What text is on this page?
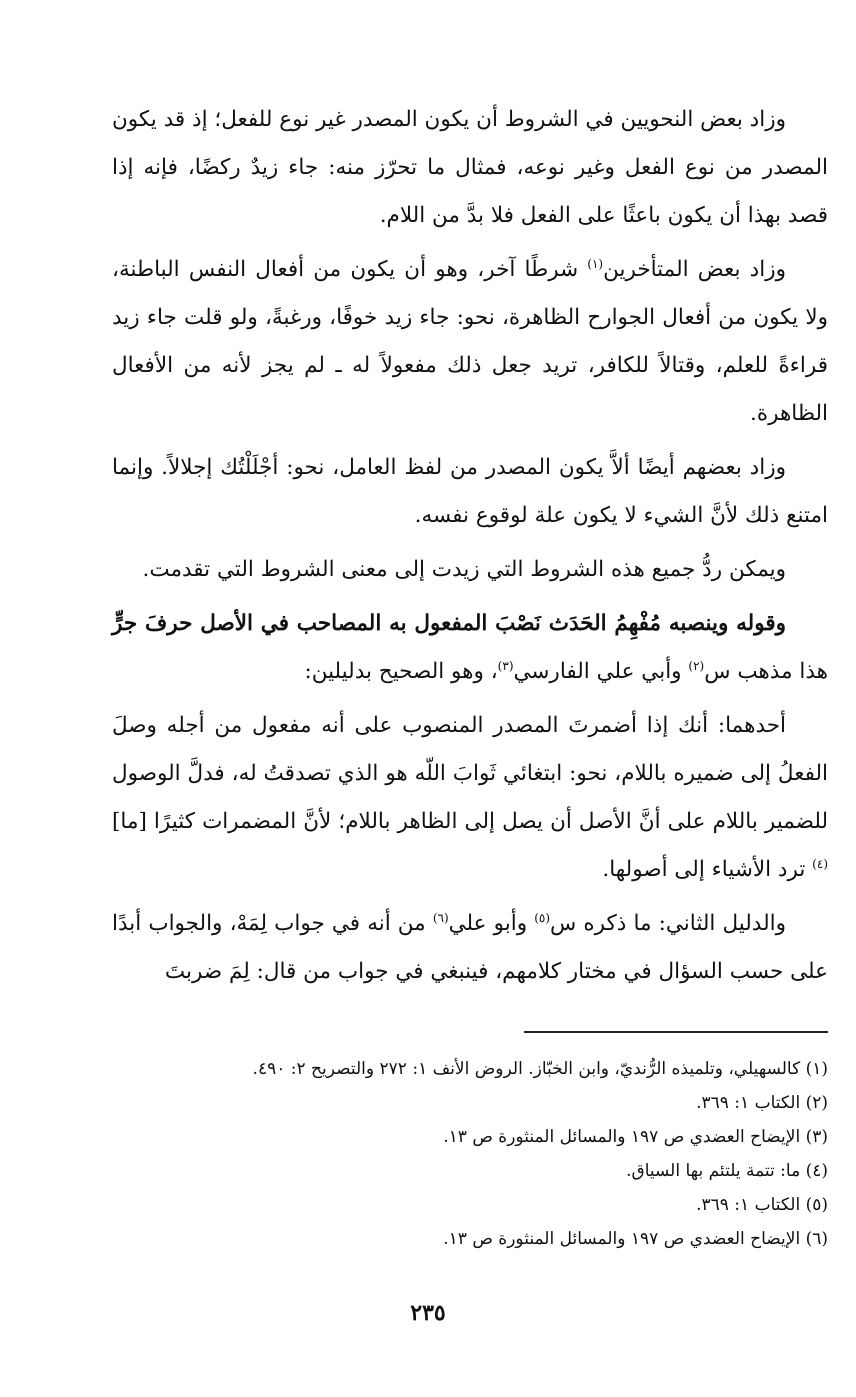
وزاد بعض النحويين في الشروط أن يكون المصدر غير نوع للفعل؛ إذ قد يكون المصدر من نوع الفعل وغير نوعه، فمثال ما تحرّز منه: جاء زيدٌ ركضًا، فإنه إذا قصد بهذا أن يكون باعثًا على الفعل فلا بدَّ من اللام.

وزاد بعض المتأخرين$^{(١)}$ شرطًا آخر، وهو أن يكون من أفعال النفس الباطنة، ولا يكون من أفعال الجوارح الظاهرة، نحو: جاء زيد خوفًا، ورغبةً، ولو قلت جاء زيد قراءةً للعلم، وقتالاً للكافر، تريد جعل ذلك مفعولاً له ـ لم يجز لأنه من الأفعال الظاهرة.

وزاد بعضهم أيضًا ألاَّ يكون المصدر من لفظ العامل، نحو: أجْلَلْتُك إجلالاً. وإنما امتنع ذلك لأنَّ الشيء لا يكون علة لوقوع نفسه.

ويمكن ردُّ جميع هذه الشروط التي زيدت إلى معنى الشروط التي تقدمت.

وقوله وينصبه مُفْهِمُ الحَدَث نَصْبَ المفعول به المصاحب في الأصل حرفَ جرٍّ هذا مذهب س$^{(٢)}$ وأبي علي الفارسي$^{(٣)}$، وهو الصحيح بدليلين:

أحدهما: أنك إذا أضمرتَ المصدر المنصوب على أنه مفعول من أجله وصلَ الفعلُ إلى ضميره باللام، نحو: ابتغائي ثَوابَ اللّه هو الذي تصدقتُ له، فدلَّ الوصول للضمير باللام على أنَّ الأصل أن يصل إلى الظاهر باللام؛ لأنَّ المضمرات كثيرًا [ما]$^{(٤)}$ ترد الأشياء إلى أصولها.

والدليل الثاني: ما ذكره س$^{(٥)}$ وأبو علي$^{(٦)}$ من أنه في جواب لِمَهْ، والجواب أبدًا على حسب السؤال في مختار كلامهم، فينبغي في جواب من قال: لِمَ ضربتَ

(١) كالسهيلي، وتلميذه الرُّنديّ، وابن الخبّاز. الروض الأنف ١: ٢٧٢ والتصريح ٢: ٤٩٠.

(٢) الكتاب ١: ٣٦٩.

(٣) الإيضاح العضدي ص ١٩٧ والمسائل المنثورة ص ١٣.

(٤) ما: تتمة يلتئم بها السياق.

(٥) الكتاب ١: ٣٦٩.

(٦) الإيضاح العضدي ص ١٩٧ والمسائل المنثورة ص ١٣.

٢٣٥
